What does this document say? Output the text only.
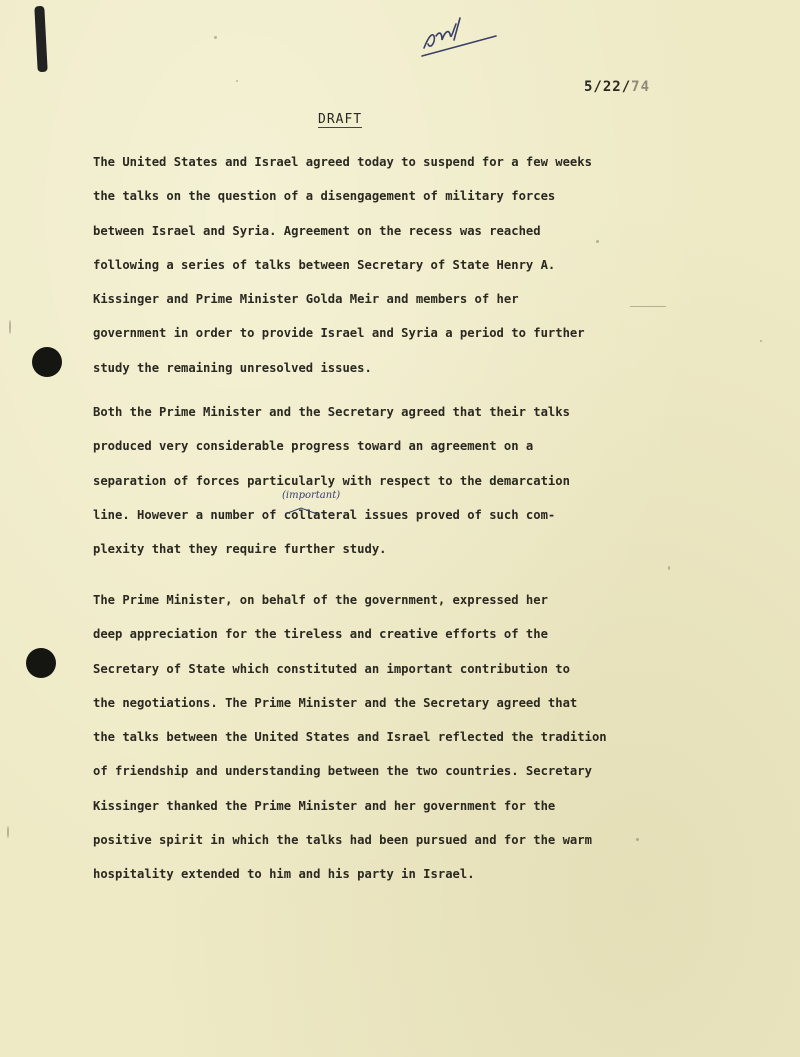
5/22/74
DRAFT
The United States and Israel agreed today to suspend for a few weeks
the talks on the question of a disengagement of military forces
between Israel and Syria. Agreement on the recess was reached
following a series of talks between Secretary of State Henry A.
Kissinger and Prime Minister Golda Meir and members of her
government in order to provide Israel and Syria a period to further
study the remaining unresolved issues.
Both the Prime Minister and the Secretary agreed that their talks
produced very considerable progress toward an agreement on a
separation of forces particularly with respect to the demarcation
line. However a number of collateral issues proved of such com-
plexity that they require further study.
(important)
The Prime Minister, on behalf of the government, expressed her
deep appreciation for the tireless and creative efforts of the
Secretary of State which constituted an important contribution to
the negotiations. The Prime Minister and the Secretary agreed that
the talks between the United States and Israel reflected the tradition
of friendship and understanding between the two countries. Secretary
Kissinger thanked the Prime Minister and her government for the
positive spirit in which the talks had been pursued and for the warm
hospitality extended to him and his party in Israel.
